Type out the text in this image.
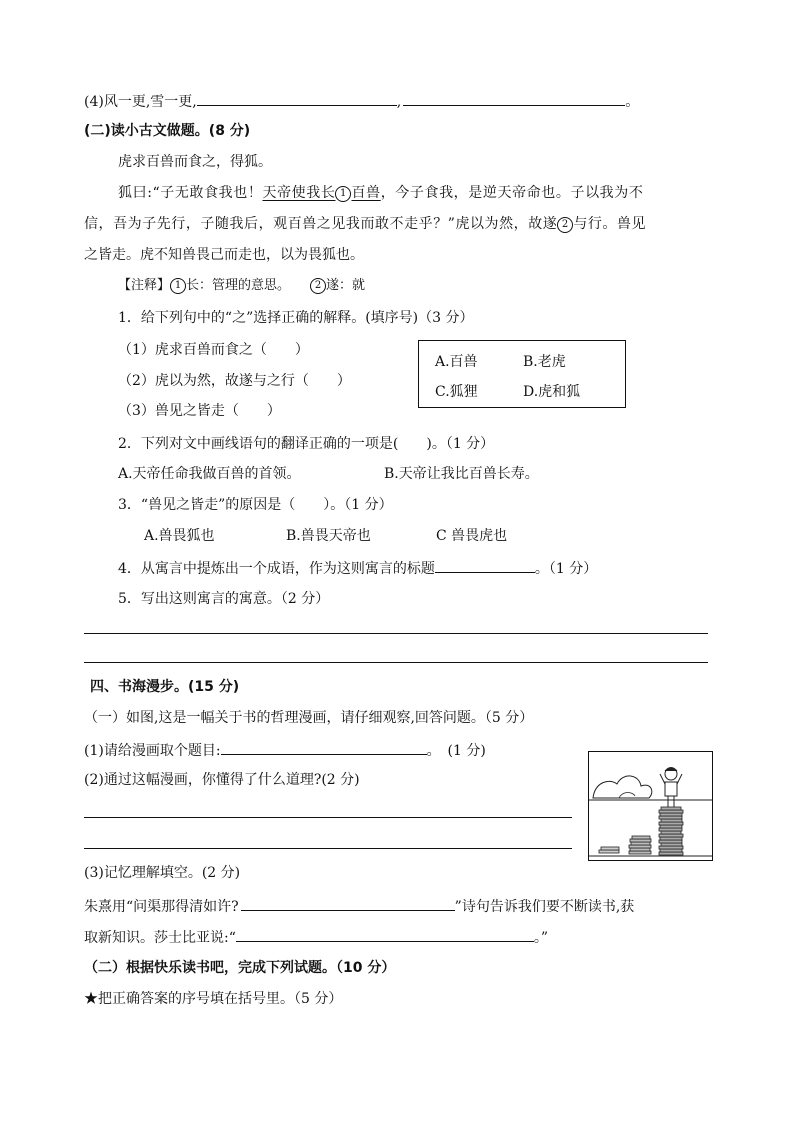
(4)风一更,雪一更,	,	。
(二)读小古文做题。(8 分)
虎求百兽而食之，得狐。
狐曰:“子无敢食我也！天帝使我长 1 百兽，今子食我，是逆天帝命也。子以我为不
信，吾为子先行，子随我后，观百兽之见我而敢不走乎？”虎以为然，故遂 2 与行。兽见
之皆走。虎不知兽畏己而走也，以为畏狐也。
【注释】 1 长：管理的意思。 2 遂：就
1．给下列句中的“之”选择正确的解释。(填序号)（3 分）
（1）虎求百兽而食之（　　）
（2）虎以为然，故遂与之行（　　）
（3）兽见之皆走（　　）
A.百兽	B.老虎
C.狐狸	D.虎和狐
2．下列对文中画线语句的翻译正确的一项是(　　)。（1 分）
A.天帝任命我做百兽的首领。	B.天帝让我比百兽长寿。
3．“兽见之皆走”的原因是（　　）。（1 分）
A.兽畏狐也	B.兽畏天帝也	C 兽畏虎也
4．从寓言中提炼出一个成语，作为这则寓言的标题	。（1 分）
5．写出这则寓言的寓意。（2 分）
四、书海漫步。(15 分)
（一）如图,这是一幅关于书的哲理漫画，请仔细观察,回答问题。（5 分）
(1)请给漫画取个题目:	。　(1 分)
(2)通过这幅漫画，你懂得了什么道理?(2 分)
(3)记忆理解填空。(2 分)
朱熹用“问渠那得清如许?	”诗句告诉我们要不断读书,获
取新知识。莎士比亚说:“	。”
（二）根据快乐读书吧，完成下列试题。（10 分）
★把正确答案的序号填在括号里。（5 分）
